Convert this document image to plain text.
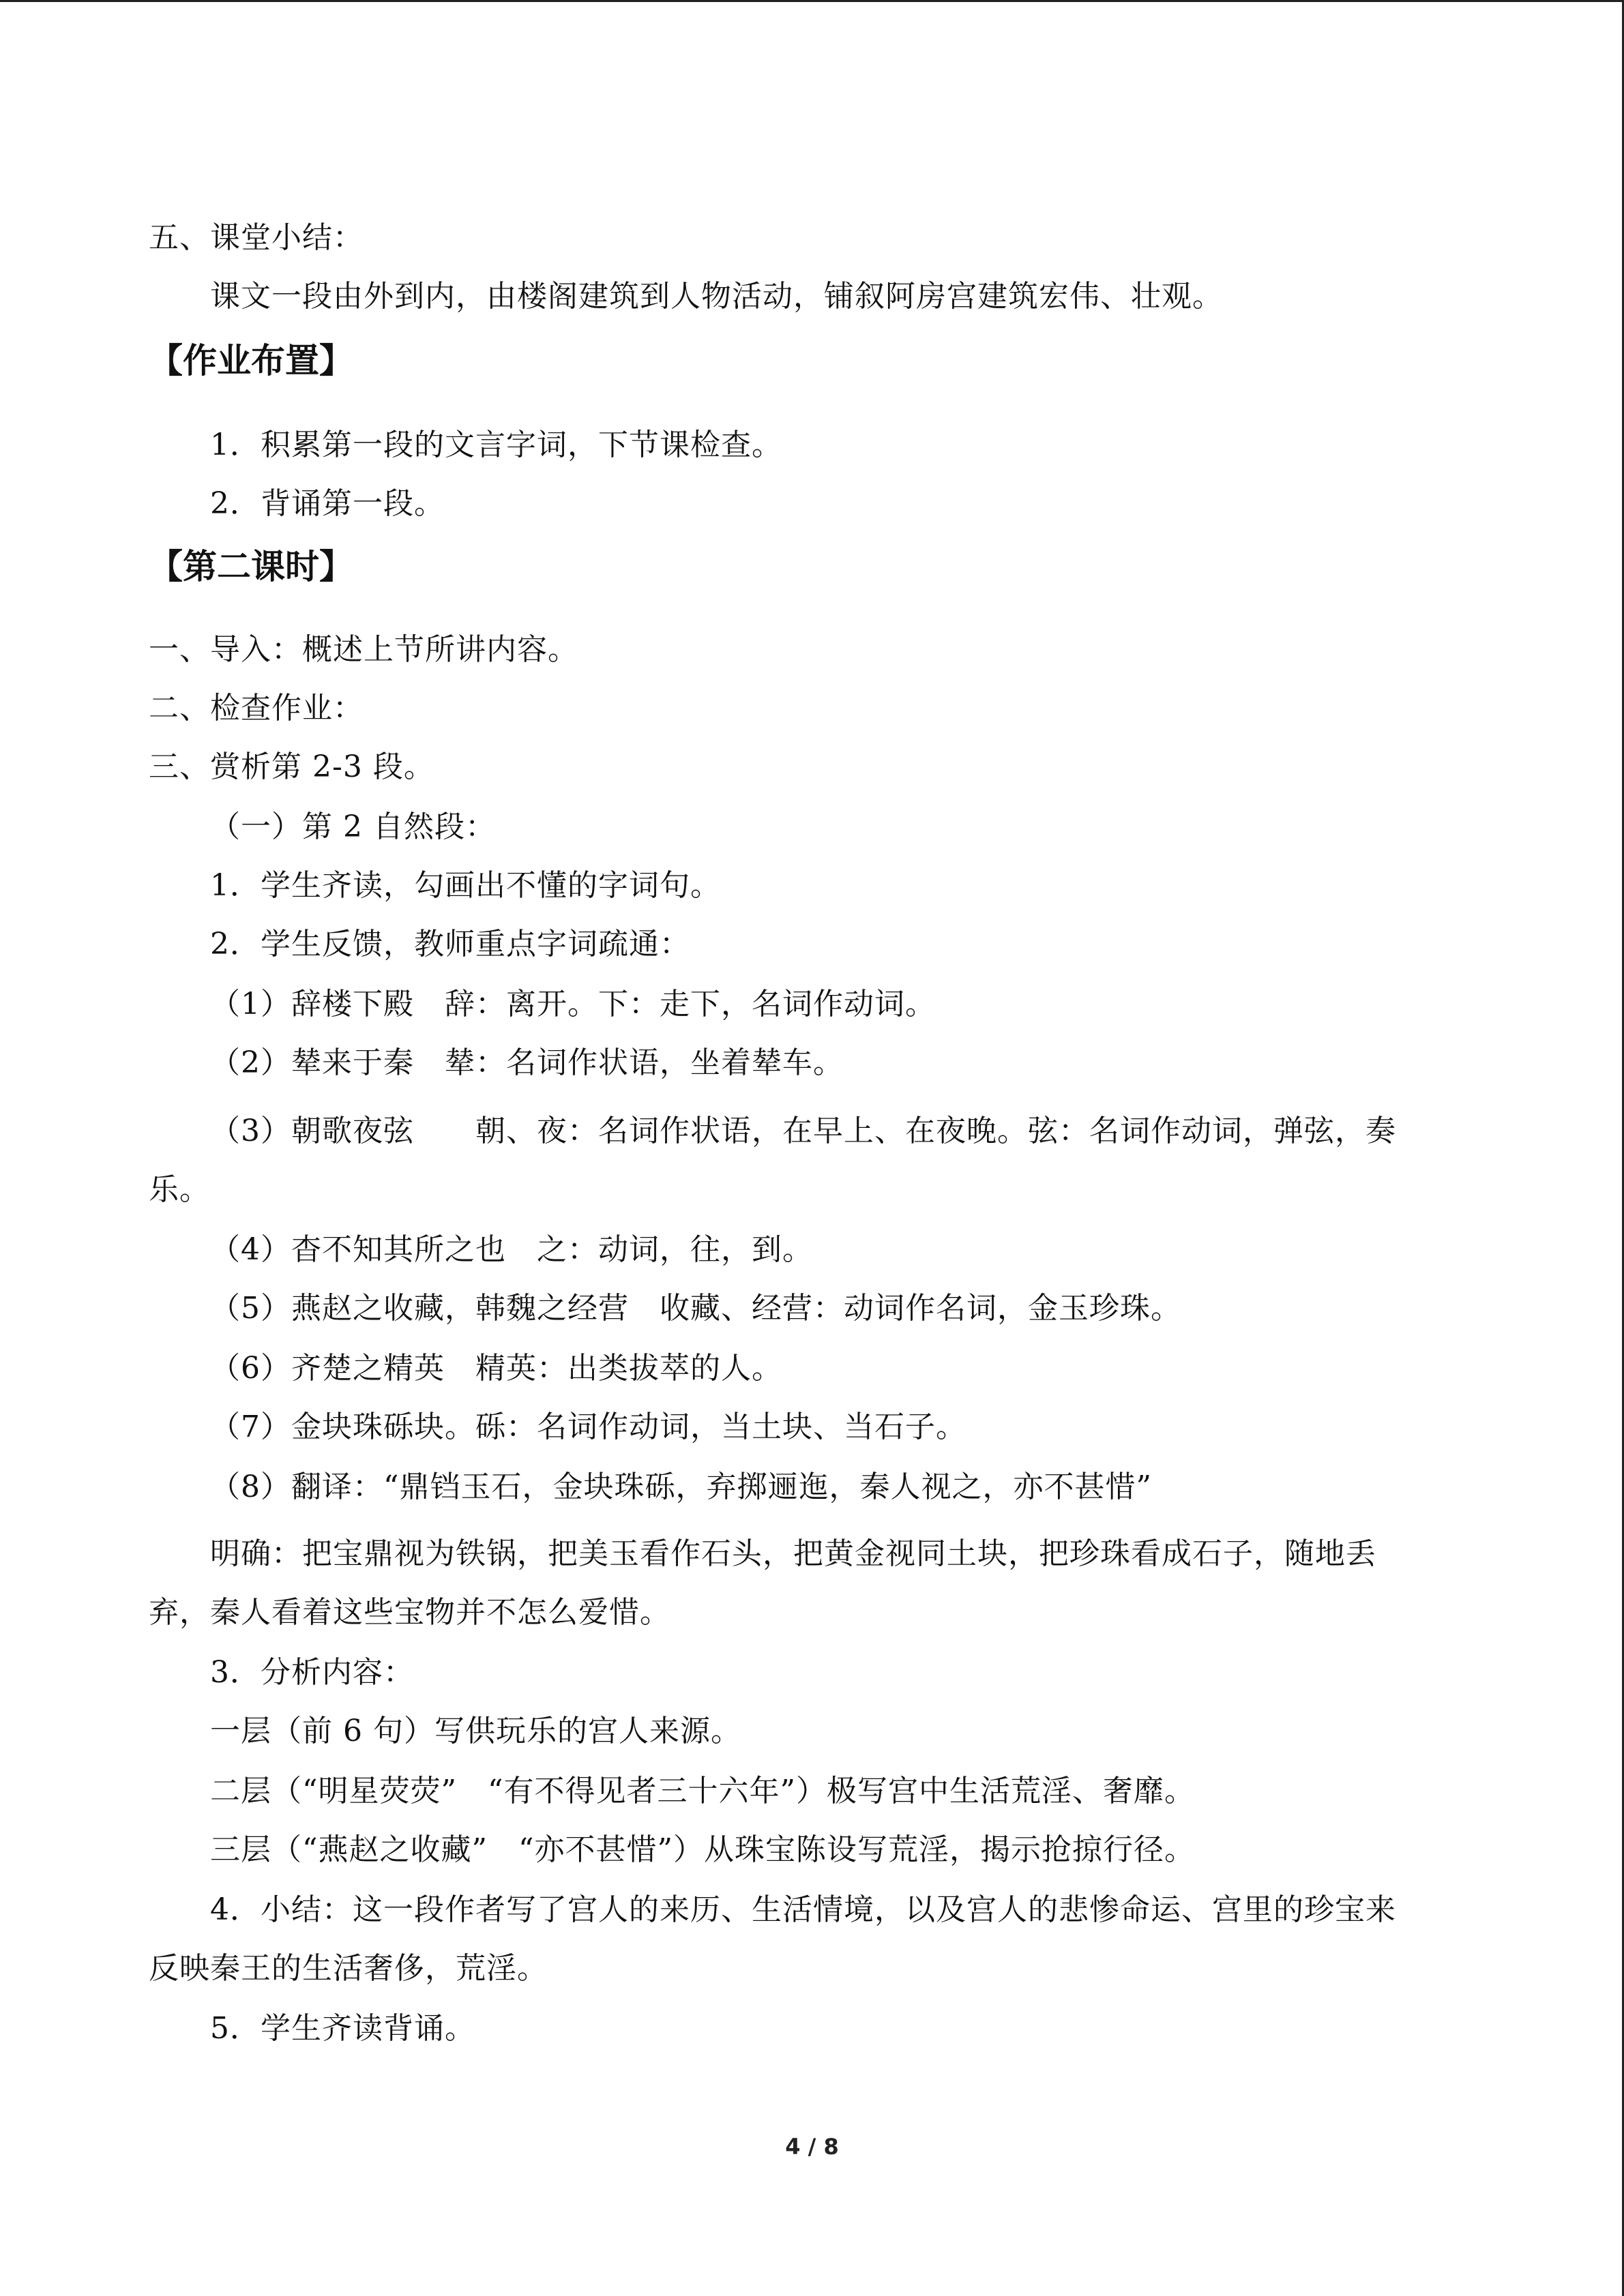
五、课堂小结：
课文一段由外到内，由楼阁建筑到人物活动，铺叙阿房宫建筑宏伟、壮观。
【作业布置】
1．积累第一段的文言字词，下节课检查。
2．背诵第一段。
【第二课时】
一、导入：概述上节所讲内容。
二、检查作业：
三、赏析第 2-3 段。
（一）第 2 自然段：
1．学生齐读，勾画出不懂的字词句。
2．学生反馈，教师重点字词疏通：
（1）辞楼下殿　辞：离开。下：走下，名词作动词。
（2）辇来于秦　辇：名词作状语，坐着辇车。
（3）朝歌夜弦　　朝、夜：名词作状语，在早上、在夜晚。弦：名词作动词，弹弦，奏
乐。
（4）杳不知其所之也　之：动词，往，到。
（5）燕赵之收藏，韩魏之经营　收藏、经营：动词作名词，金玉珍珠。
（6）齐楚之精英　精英：出类拔萃的人。
（7）金块珠砾块。砾：名词作动词，当土块、当石子。
（8）翻译：“鼎铛玉石，金块珠砾，弃掷逦迤，秦人视之，亦不甚惜”
明确：把宝鼎视为铁锅，把美玉看作石头，把黄金视同土块，把珍珠看成石子，随地丢
弃，秦人看着这些宝物并不怎么爱惜。
3．分析内容：
一层（前 6 句）写供玩乐的宫人来源。
二层（“明星荧荧”　“有不得见者三十六年”）极写宫中生活荒淫、奢靡。
三层（“燕赵之收藏”　“亦不甚惜”）从珠宝陈设写荒淫，揭示抢掠行径。
4．小结：这一段作者写了宫人的来历、生活情境，以及宫人的悲惨命运、宫里的珍宝来
反映秦王的生活奢侈，荒淫。
5．学生齐读背诵。
4 / 8
